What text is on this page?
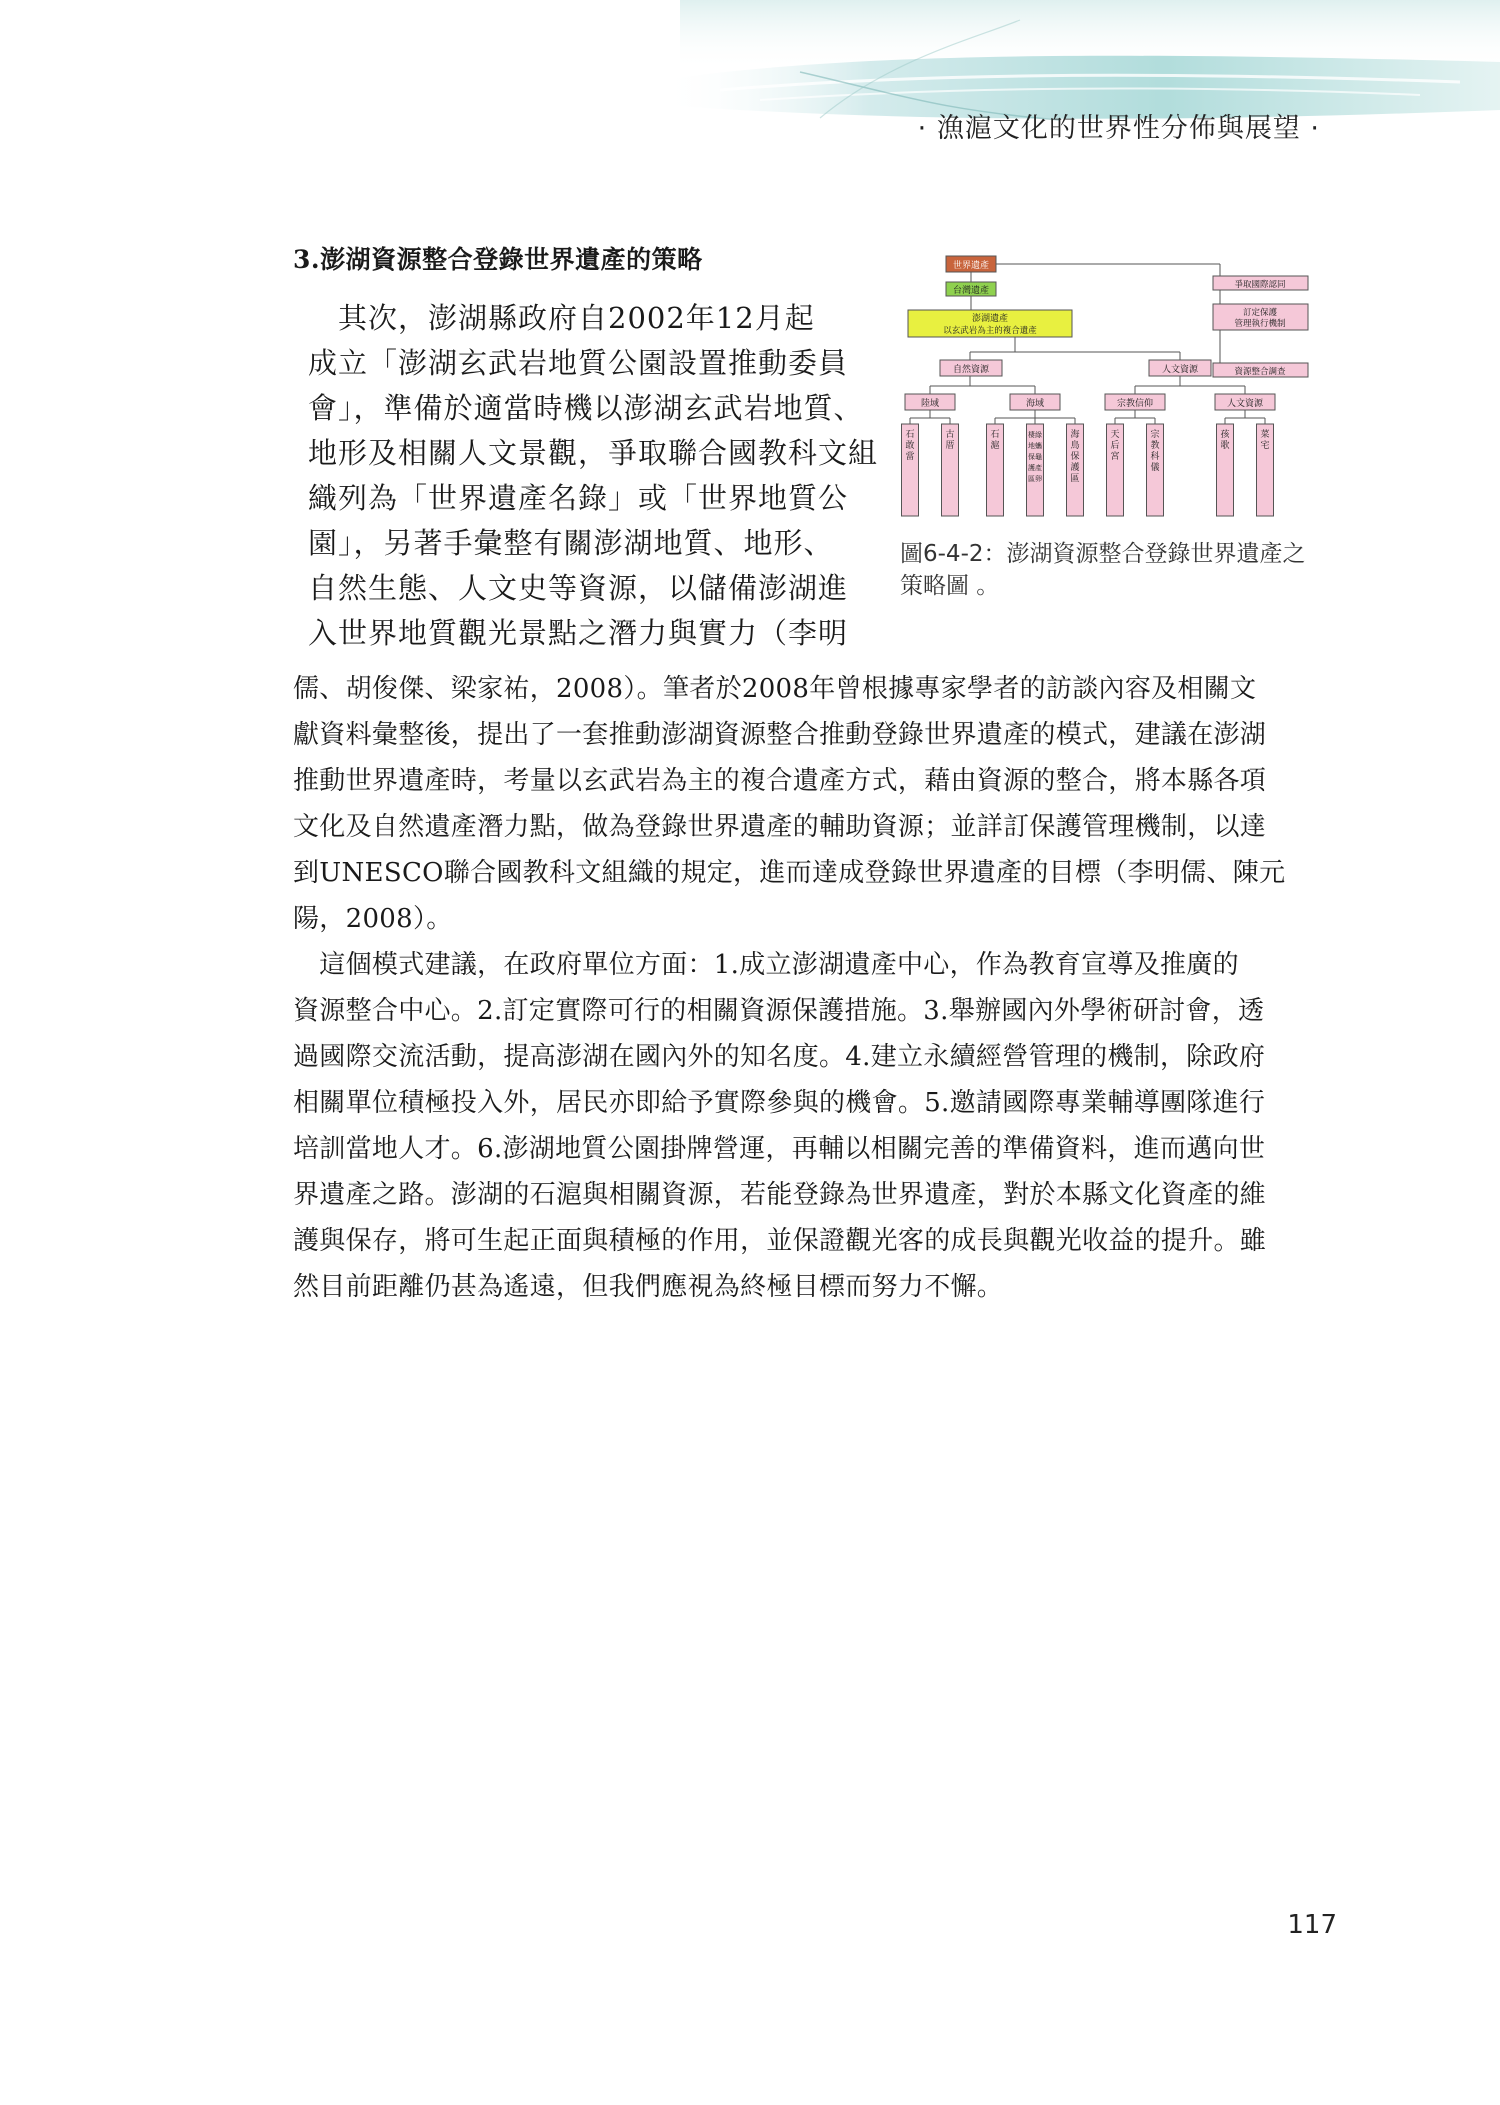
· 漁滬文化的世界性分佈與展望 ·
3.澎湖資源整合登錄世界遺產的策略

　其次，澎湖縣政府自2002年12月起

成立「澎湖玄武岩地質公園設置推動委員

會」，準備於適當時機以澎湖玄武岩地質、

地形及相關人文景觀，爭取聯合國教科文組

織列為「世界遺產名錄」或「世界地質公

園」，另著手彙整有關澎湖地質、地形、

自然生態、人文史等資源，以儲備澎湖進

入世界地質觀光景點之潛力與實力（李明

世界遺產
台灣遺產
澎湖遺產
以玄武岩為主的複合遺產
爭取國際認同
訂定保護
管理執行機制
資源整合調查
自然資源	人文資源
陸域	海域	宗教信仰	人文資源
石
敢
當
古
厝
石
滬
綠
蠵
龜
產
卵
棲
地
保
護
區
海
鳥
保
護
區
天
后
宮
宗
教
科
儀
孩
歌
菜
宅

圖6-4-2：澎湖資源整合登錄世界遺產之

策略圖 。

儒、胡俊傑、梁家祐，2008）。筆者於2008年曾根據專家學者的訪談內容及相關文

獻資料彙整後，提出了一套推動澎湖資源整合推動登錄世界遺產的模式，建議在澎湖

推動世界遺產時，考量以玄武岩為主的複合遺產方式，藉由資源的整合，將本縣各項

文化及自然遺產潛力點，做為登錄世界遺產的輔助資源；並詳訂保護管理機制，以達

到UNESCO聯合國教科文組織的規定，進而達成登錄世界遺產的目標（李明儒、陳元

陽，2008）。

　這個模式建議，在政府單位方面：1.成立澎湖遺產中心，作為教育宣導及推廣的

資源整合中心。2.訂定實際可行的相關資源保護措施。3.舉辦國內外學術研討會，透

過國際交流活動，提高澎湖在國內外的知名度。4.建立永續經營管理的機制，除政府

相關單位積極投入外，居民亦即給予實際參與的機會。5.邀請國際專業輔導團隊進行

培訓當地人才。6.澎湖地質公園掛牌營運，再輔以相關完善的準備資料，進而邁向世

界遺產之路。澎湖的石滬與相關資源，若能登錄為世界遺產，對於本縣文化資產的維

護與保存，將可生起正面與積極的作用，並保證觀光客的成長與觀光收益的提升。雖

然目前距離仍甚為遙遠，但我們應視為終極目標而努力不懈。

117
